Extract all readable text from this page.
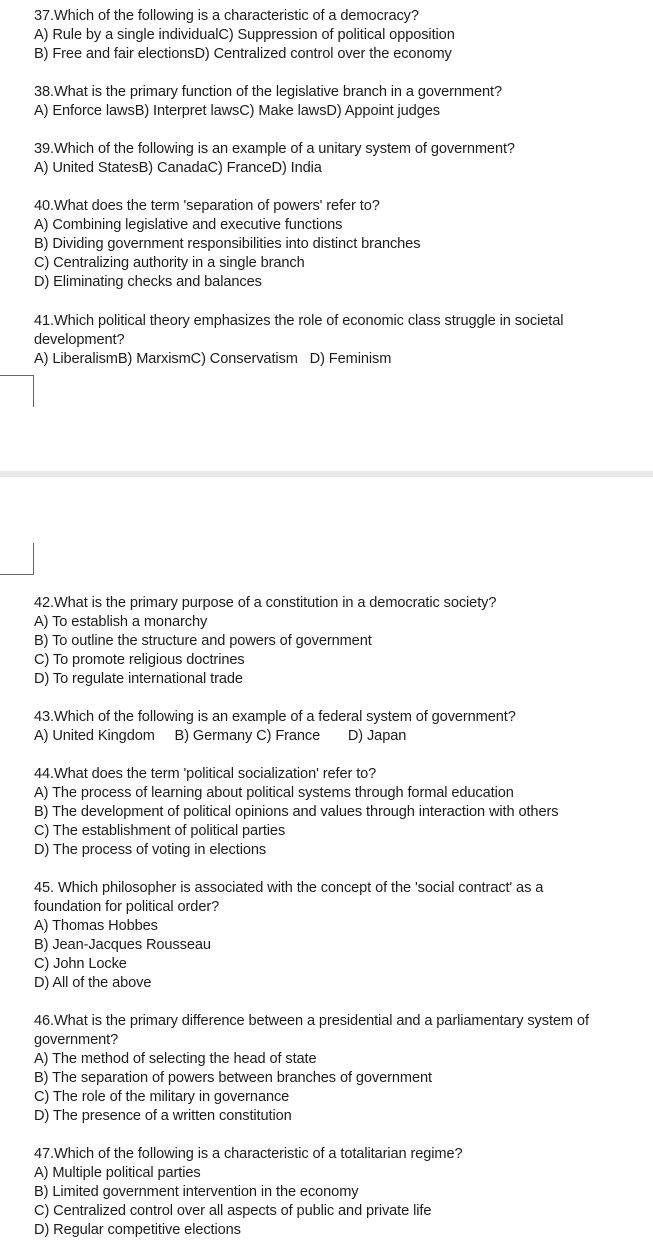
37.Which of the following is a characteristic of a democracy?
A) Rule by a single individualC) Suppression of political opposition
B) Free and fair electionsD) Centralized control over the economy
38.What is the primary function of the legislative branch in a government?
A) Enforce lawsB) Interpret lawsC) Make lawsD) Appoint judges
39.Which of the following is an example of a unitary system of government?
A) United StatesB) CanadaC) FranceD) India
40.What does the term 'separation of powers' refer to?
A) Combining legislative and executive functions
B) Dividing government responsibilities into distinct branches
C) Centralizing authority in a single branch
D) Eliminating checks and balances
41.Which political theory emphasizes the role of economic class struggle in societal
development?
A) LiberalismB) MarxismC) Conservatism   D) Feminism
42.What is the primary purpose of a constitution in a democratic society?
A) To establish a monarchy
B) To outline the structure and powers of government
C) To promote religious doctrines
D) To regulate international trade
43.Which of the following is an example of a federal system of government?
A) United Kingdom     B) Germany C) France       D) Japan
44.What does the term 'political socialization' refer to?
A) The process of learning about political systems through formal education
B) The development of political opinions and values through interaction with others
C) The establishment of political parties
D) The process of voting in elections
45. Which philosopher is associated with the concept of the 'social contract' as a
foundation for political order?
A) Thomas Hobbes
B) Jean-Jacques Rousseau
C) John Locke
D) All of the above
46.What is the primary difference between a presidential and a parliamentary system of
government?
A) The method of selecting the head of state
B) The separation of powers between branches of government
C) The role of the military in governance
D) The presence of a written constitution
47.Which of the following is a characteristic of a totalitarian regime?
A) Multiple political parties
B) Limited government intervention in the economy
C) Centralized control over all aspects of public and private life
D) Regular competitive elections
